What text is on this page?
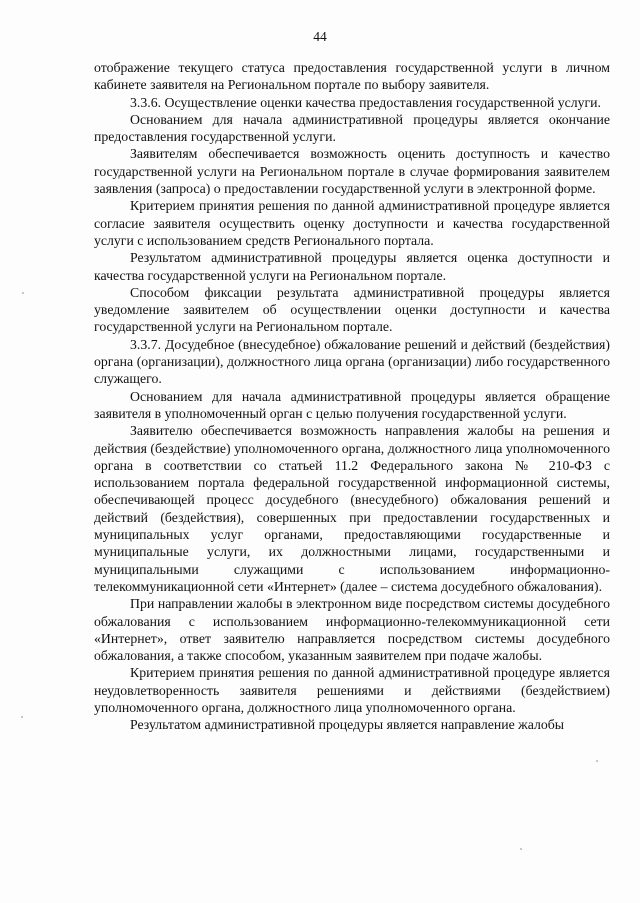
44

отображение текущего статуса предоставления государственной услуги в личном кабинете заявителя на Региональном портале по выбору заявителя.

3.3.6. Осуществление оценки качества предоставления государственной услуги.

Основанием для начала административной процедуры является окончание предоставления государственной услуги.

Заявителям обеспечивается возможность оценить доступность и качество государственной услуги на Региональном портале в случае формирования заявителем заявления (запроса) о предоставлении государственной услуги в электронной форме.

Критерием принятия решения по данной административной процедуре является согласие заявителя осуществить оценку доступности и качества государственной услуги с использованием средств Регионального портала.

Результатом административной процедуры является оценка доступности и качества государственной услуги на Региональном портале.

Способом фиксации результата административной процедуры является уведомление заявителем об осуществлении оценки доступности и качества государственной услуги на Региональном портале.

3.3.7. Досудебное (внесудебное) обжалование решений и действий (бездействия) органа (организации), должностного лица органа (организации) либо государственного служащего.

Основанием для начала административной процедуры является обращение заявителя в уполномоченный орган с целью получения государственной услуги.

Заявителю обеспечивается возможность направления жалобы на решения и действия (бездействие) уполномоченного органа, должностного лица уполномоченного органа в соответствии со статьей 11.2 Федерального закона № 210-ФЗ с использованием портала федеральной государственной информационной системы, обеспечивающей процесс досудебного (внесудебного) обжалования решений и действий (бездействия), совершенных при предоставлении государственных и муниципальных услуг органами, предоставляющими государственные и муниципальные услуги, их должностными лицами, государственными и муниципальными служащими с использованием информационно-телекоммуникационной сети «Интернет» (далее – система досудебного обжалования).

При направлении жалобы в электронном виде посредством системы досудебного обжалования с использованием информационно-телекоммуникационной сети «Интернет», ответ заявителю направляется посредством системы досудебного обжалования, а также способом, указанным заявителем при подаче жалобы.

Критерием принятия решения по данной административной процедуре является неудовлетворенность заявителя решениями и действиями (бездействием) уполномоченного органа, должностного лица уполномоченного органа.

Результатом административной процедуры является направление жалобы
